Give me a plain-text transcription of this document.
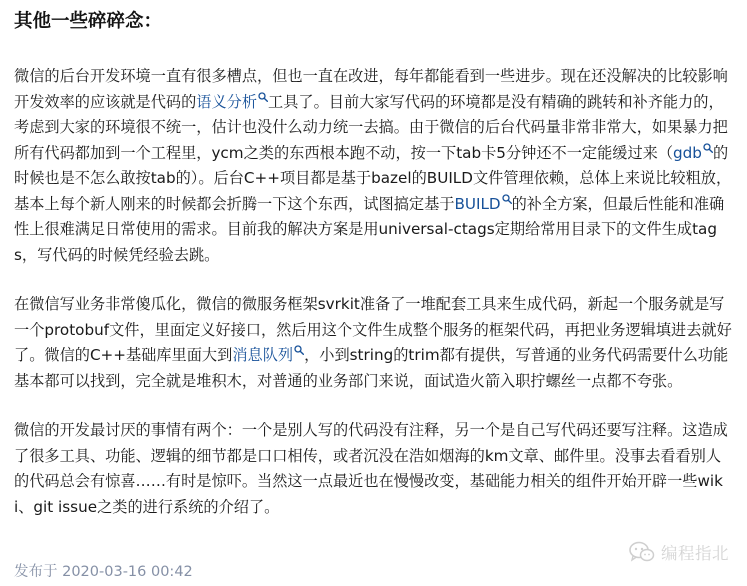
其他一些碎碎念：

微信的后台开发环境一直有很多槽点，但也一直在改进，每年都能看到一些进步。现在还没解决的比较影响开发效率的应该就是代码的语义分析 工具了。目前大家写代码的环境都是没有精确的跳转和补齐能力的，考虑到大家的环境很不统一，估计也没什么动力统一去搞。由于微信的后台代码量非常非常大，如果暴力把所有代码都加到一个工程里，ycm之类的东西根本跑不动，按一下tab卡5分钟还不一定能缓过来（gdb 的时候也是不怎么敢按tab的）。后台C++项目都是基于bazel的BUILD文件管理依赖，总体上来说比较粗放，基本上每个新人刚来的时候都会折腾一下这个东西，试图搞定基于BUILD 的补全方案，但最后性能和准确性上很难满足日常使用的需求。目前我的解决方案是用universal-ctags定期给常用目录下的文件生成tags，写代码的时候凭经验去跳。

在微信写业务非常傻瓜化，微信的微服务框架svrkit准备了一堆配套工具来生成代码，新起一个服务就是写一个protobuf文件，里面定义好接口，然后用这个文件生成整个服务的框架代码，再把业务逻辑填进去就好了。微信的C++基础库里面大到消息队列 ，小到string的trim都有提供，写普通的业务代码需要什么功能基本都可以找到，完全就是堆积木，对普通的业务部门来说，面试造火箭入职拧螺丝一点都不夸张。

微信的开发最讨厌的事情有两个：一个是别人写的代码没有注释，另一个是自己写代码还要写注释。这造成了很多工具、功能、逻辑的细节都是口口相传，或者沉没在浩如烟海的km文章、邮件里。没事去看看别人的代码总会有惊喜……有时是惊吓。当然这一点最近也在慢慢改变，基础能力相关的组件开始开辟一些wiki、git issue之类的进行系统的介绍了。

发布于 2020-03-16 00:42
编程指北
